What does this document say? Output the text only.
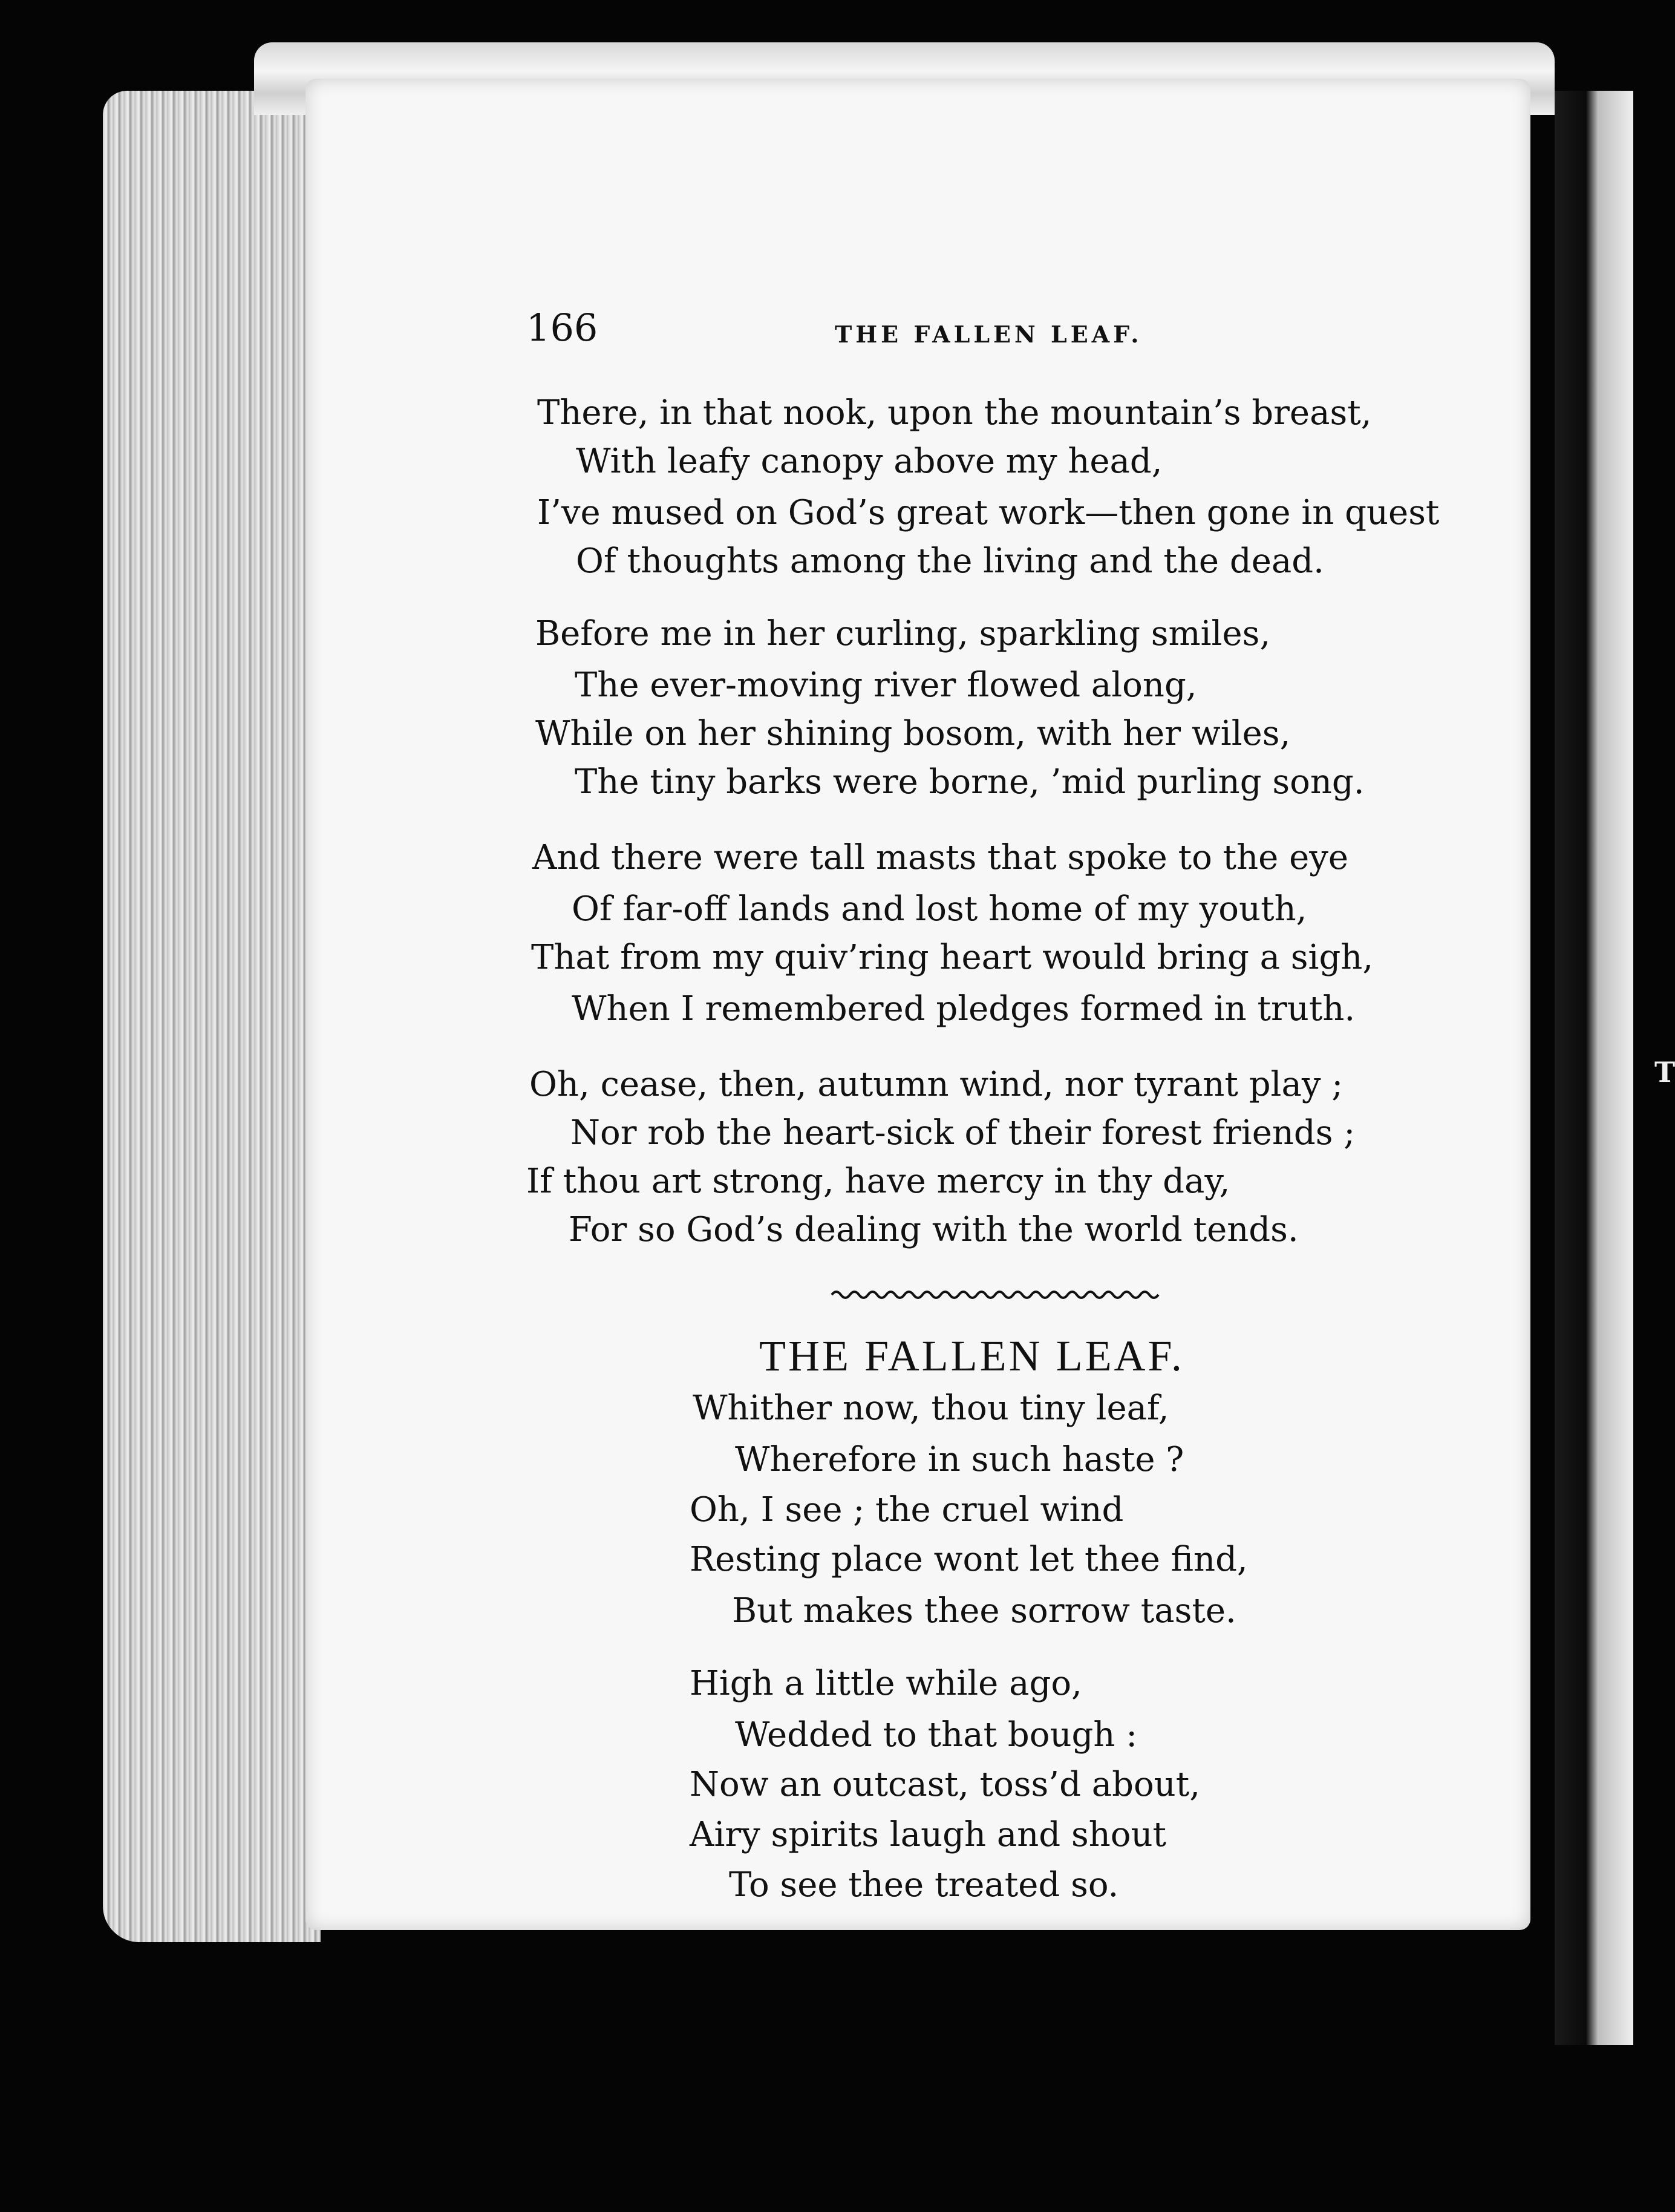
T
166	THE FALLEN LEAF.
There, in that nook, upon the mountain’s breast,
With leafy canopy above my head,
I’ve mused on God’s great work—then gone in quest
Of thoughts among the living and the dead.
Before me in her curling, sparkling smiles,
The ever-moving river flowed along,
While on her shining bosom, with her wiles,
The tiny barks were borne, ’mid purling song.
And there were tall masts that spoke to the eye
Of far-off lands and lost home of my youth,
That from my quiv’ring heart would bring a sigh,
When I remembered pledges formed in truth.
Oh, cease, then, autumn wind, nor tyrant play ;
Nor rob the heart-sick of their forest friends ;
If thou art strong, have mercy in thy day,
For so God’s dealing with the world tends.
THE FALLEN LEAF.
Whither now, thou tiny leaf,
Wherefore in such haste ?
Oh, I see ; the cruel wind
Resting place wont let thee find,
But makes thee sorrow taste.
High a little while ago,
Wedded to that bough :
Now an outcast, toss’d about,
Airy spirits laugh and shout
To see thee treated so.
